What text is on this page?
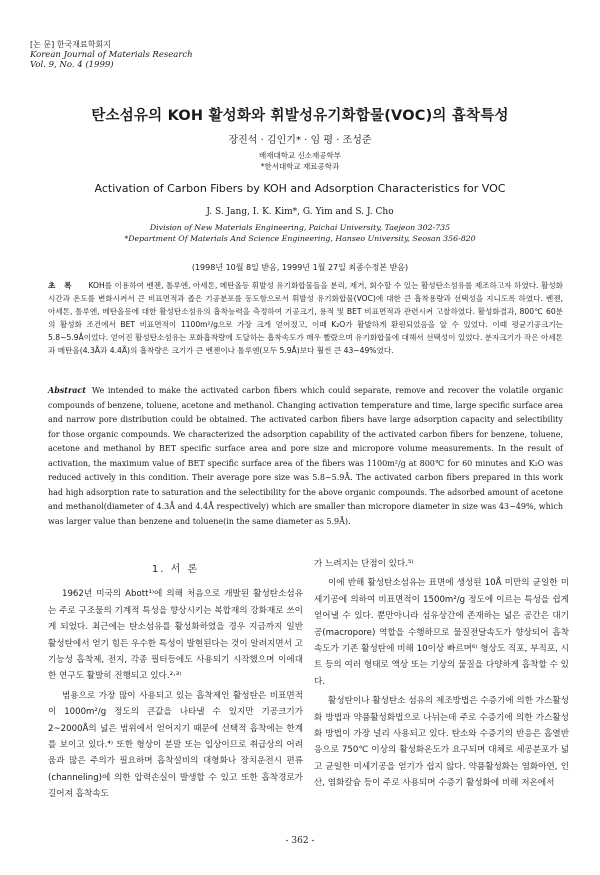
[논 문] 한국재료학회지
Korean Journal of Materials Research
Vol. 9, No. 4 (1999)
탄소섬유의 KOH 활성화와 휘발성유기화합물(VOC)의 흡착특성
장진석 · 김인기* · 임 평 · 조성준
배재대학교 신소재공학부
*한서대학교 재료공학과
Activation of Carbon Fibers by KOH and Adsorption Characteristics for VOC
J. S. Jang, I. K. Kim*, G. Yim and S. J. Cho
Division of New Materials Engineering, Paichai University, Taejeon 302-735
*Department Of Materials And Science Engineering, Hanseo University, Seosan 356-820
(1998년 10월 8일 받음, 1999년 1월 27일 최종수정본 받음)
초 록 KOH를 이용하여 벤젠, 톨루엔, 아세톤, 메탄올등 휘발성 유기화합물들을 분리, 제거, 회수할 수 있는 활성탄소섬유를 제조하고자 하였다. 활성화시간과 온도를 변화시켜서 큰 비표면적과 좁은 기공분포를 동도함으로서 휘발성 유기화합물(VOC)에 대한 큰 흡착용량과 선택성을 지니도록 하였다. 벤젠, 아세톤, 톨루엔, 메탄올등에 대한 활성탄소섬유의 흡착능력을 측정하여 기공크기, 용적 및 BET 비표면적과 관련시켜 고찰하였다. 활성화결과, 800℃ 60분의 활성화 조건에서 BET 비표면적이 1100m²/g으로 가장 크게 얻어졌고, 이때 K₂O가 활발하게 환원되었음을 알 수 있었다. 이때 평균기공크기는 5.8~5.9Å이었다. 얻어진 활성탄소섬유는 포화흡착량에 도달하는 흡착속도가 매우 빨랐으며 유기화합물에 대해서 선택성이 있었다. 분자크기가 작은 아세톤과 메탄올(4.3Å과 4.4Å)의 흡착량은 크기가 큰 벤젠이나 톨루엔(모두 5.9Å)보다 훨씬 큰 43~49%였다.
Abstract We intended to make the activated carbon fibers which could separate, remove and recover the volatile organic compounds of benzene, toluene, acetone and methanol. Changing activation temperature and time, large specific surface area and narrow pore distribution could be obtained. The activated carbon fibers have large adsorption capacity and selectibility for those organic compounds. We characterized the adsorption capability of the activated carbon fibers for benzene, toluene, acetone and methanol by BET specific surface area and pore size and micropore volume measurements. In the result of activation, the maximum value of BET specific surface area of the fibers was 1100m²/g at 800℃ for 60 minutes and K₂O was reduced actively in this condition. Their average pore size was 5.8~5.9Å. The activated carbon fibers prepared in this work had high adsorption rate to saturation and the selectibility for the above organic compounds. The adsorbed amount of acetone and methanol(diameter of 4.3Å and 4.4Å respectively) which are smaller than micropore diameter in size was 43~49%, which was larger value than benzene and toluene(in the same diameter as 5.9Å).
1. 서 론

1962년 미국의 Abott¹⁾에 의해 처음으로 개발된 활성탄소섬유는 주로 구조물의 기계적 특성을 향상시키는 복합재의 강화재로 쓰이게 되었다. 최근에는 탄소섬유를 활성화하였을 경우 지금까지 일반 활성탄에서 얻기 힘든 우수한 특성이 발현된다는 것이 알려지면서 고기능성 흡착제, 전지, 각종 필터등에도 사용되기 시작했으며 이에대한 연구도 활발히 진행되고 있다.²·³⁾

범용으로 가장 많이 사용되고 있는 흡착제인 활성탄은 비표면적이 1000m²/g 정도의 큰값을 나타낼 수 있지만 기공크기가 2~2000Å의 넓은 범위에서 얻어지기 때문에 선택적 흡착에는 한계를 보이고 있다.⁴⁾ 또한 형상이 분말 또는 입상이므로 취급상의 어려움과 많은 주의가 필요하며 흡착설비의 대형화나 장치운전시 편류(channeling)에 의한 압력손실이 발생할 수 있고 또한 흡착경로가 길어져 흡착속도

가 느려지는 단점이 있다.⁵⁾

이에 반해 활성탄소섬유는 표면에 생성된 10Å 미만의 균일한 미세기공에 의하여 비표면적이 1500m²/g 정도에 이르는 특성을 쉽게 얻어낼 수 있다. 뿐만아니라 섬유상간에 존재하는 넓은 공간은 대기공(macropore) 역할을 수행하므로 물질전달속도가 향상되어 흡착속도가 기존 활성탄에 비해 10이상 빠르며⁶⁾ 형상도 직포, 부직포, 시트 등의 여러 형태로 액상 또는 기상의 물질을 다양하게 흡착할 수 있다.

활성탄이나 활성탄소 섬유의 제조방법은 수증기에 의한 가스활성화 방법과 약품활성화법으로 나뉘는데 주로 수증기에 의한 가스활성화 방법이 가장 널리 사용되고 있다. 탄소와 수증기의 반응은 흡열반응으로 750℃ 이상의 활성화온도가 요구되며 대체로 세공분포가 넓고 균일한 미세기공을 얻기가 쉽지 않다. 약품활성화는 염화아연, 인산, 염화칼슘 등이 주로 사용되며 수증기 활성화에 비해 저온에서

- 362 -
